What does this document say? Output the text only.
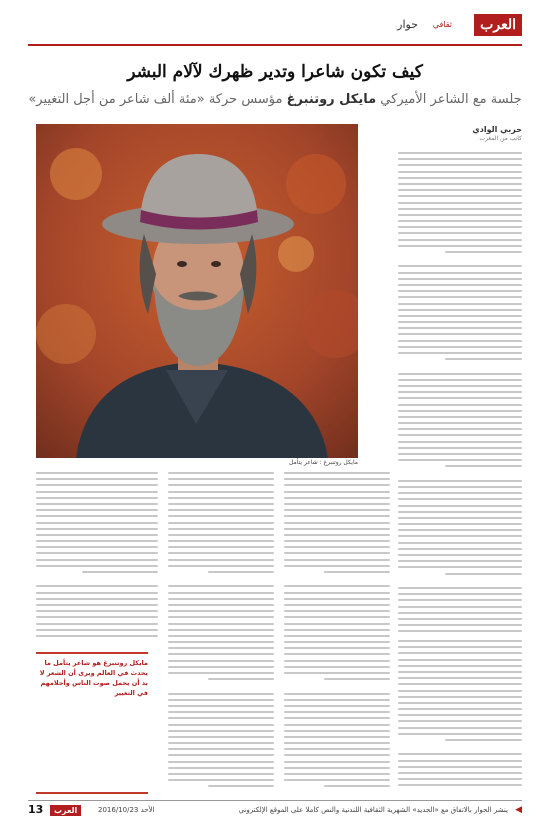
العرب
ثقافي
حوار
كيف تكون شاعرا وتدير ظهرك لآلام البشر
جلسة مع الشاعر الأميركي مايكل روتنبرغ مؤسس حركة «مئة ألف شاعر من أجل التغيير»
حربي الوادي
كاتب من المغرب
مايكل روتنبرغ : شاعر يتأمل
مايكل روتنبرغ هو شاعر يتأمل ما يحدث في العالم ويرى أن الشعر لا بد أن يحمل صوت الناس وأحلامهم في التغيير
13	العرب	الأحد 2016/10/23	ينشر الحوار بالاتفاق مع «الجديد» الشهرية الثقافية اللندنية والنص كاملا على الموقع الإلكتروني ◀
